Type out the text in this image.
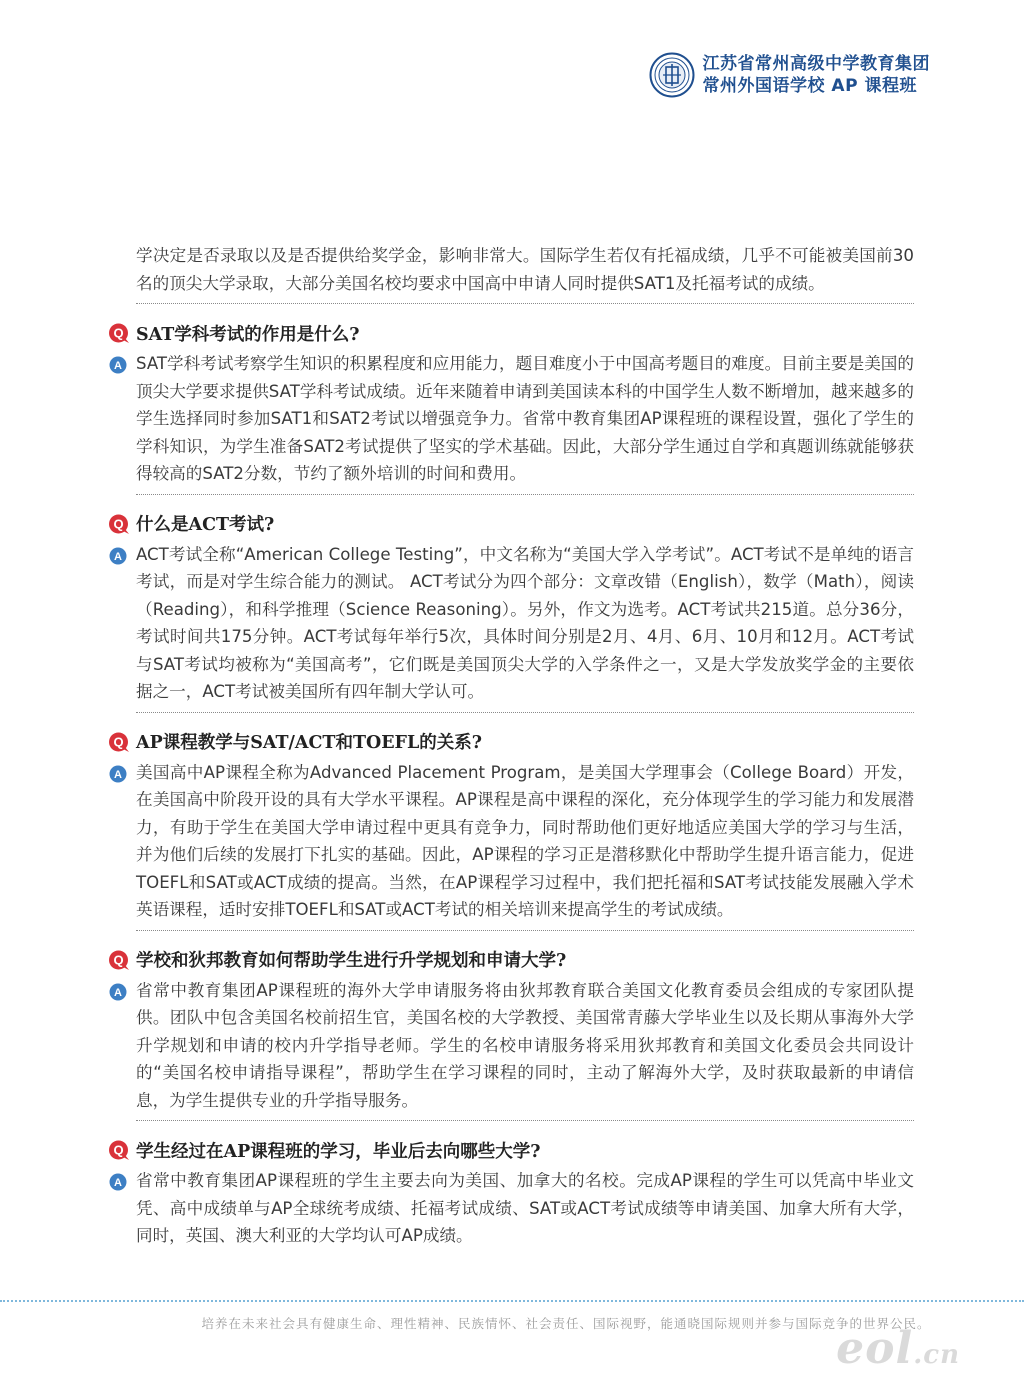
江苏省常州高级中学教育集团
常州外国语学校 AP 课程班

学决定是否录取以及是否提供给奖学金，影响非常大。国际学生若仅有托福成绩，几乎不可能被美国前30名的顶尖大学录取，大部分美国名校均要求中国高中申请人同时提供SAT1及托福考试的成绩。

Q SAT学科考试的作用是什么?
A SAT学科考试考察学生知识的积累程度和应用能力，题目难度小于中国高考题目的难度。目前主要是美国的顶尖大学要求提供SAT学科考试成绩。近年来随着申请到美国读本科的中国学生人数不断增加，越来越多的学生选择同时参加SAT1和SAT2考试以增强竞争力。省常中教育集团AP课程班的课程设置，强化了学生的学科知识，为学生准备SAT2考试提供了坚实的学术基础。因此，大部分学生通过自学和真题训练就能够获得较高的SAT2分数，节约了额外培训的时间和费用。

Q 什么是ACT考试?
A ACT考试全称“American College Testing”，中文名称为“美国大学入学考试”。ACT考试不是单纯的语言考试，而是对学生综合能力的测试。 ACT考试分为四个部分：文章改错（English），数学（Math），阅读（Reading），和科学推理（Science Reasoning）。另外，作文为选考。ACT考试共215道。总分36分，考试时间共175分钟。ACT考试每年举行5次，具体时间分别是2月、4月、6月、10月和12月。ACT考试与SAT考试均被称为“美国高考”，它们既是美国顶尖大学的入学条件之一，又是大学发放奖学金的主要依据之一，ACT考试被美国所有四年制大学认可。

Q AP课程教学与SAT/ACT和TOEFL的关系?
A 美国高中AP课程全称为Advanced Placement Program，是美国大学理事会（College Board）开发，在美国高中阶段开设的具有大学水平课程。AP课程是高中课程的深化，充分体现学生的学习能力和发展潜力，有助于学生在美国大学申请过程中更具有竞争力，同时帮助他们更好地适应美国大学的学习与生活，并为他们后续的发展打下扎实的基础。因此，AP课程的学习正是潜移默化中帮助学生提升语言能力，促进TOEFL和SAT或ACT成绩的提高。当然，在AP课程学习过程中，我们把托福和SAT考试技能发展融入学术英语课程，适时安排TOEFL和SAT或ACT考试的相关培训来提高学生的考试成绩。

Q 学校和狄邦教育如何帮助学生进行升学规划和申请大学?
A 省常中教育集团AP课程班的海外大学申请服务将由狄邦教育联合美国文化教育委员会组成的专家团队提供。团队中包含美国名校前招生官，美国名校的大学教授、美国常青藤大学毕业生以及长期从事海外大学升学规划和申请的校内升学指导老师。学生的名校申请服务将采用狄邦教育和美国文化委员会共同设计的“美国名校申请指导课程”，帮助学生在学习课程的同时，主动了解海外大学，及时获取最新的申请信息，为学生提供专业的升学指导服务。

Q 学生经过在AP课程班的学习，毕业后去向哪些大学?
A 省常中教育集团AP课程班的学生主要去向为美国、加拿大的名校。完成AP课程的学生可以凭高中毕业文凭、高中成绩单与AP全球统考成绩、托福考试成绩、SAT或ACT考试成绩等申请美国、加拿大所有大学，同时，英国、澳大利亚的大学均认可AP成绩。

培养在未来社会具有健康生命、理性精神、民族情怀、社会责任、国际视野，能通晓国际规则并参与国际竞争的世界公民。
eol.cn
